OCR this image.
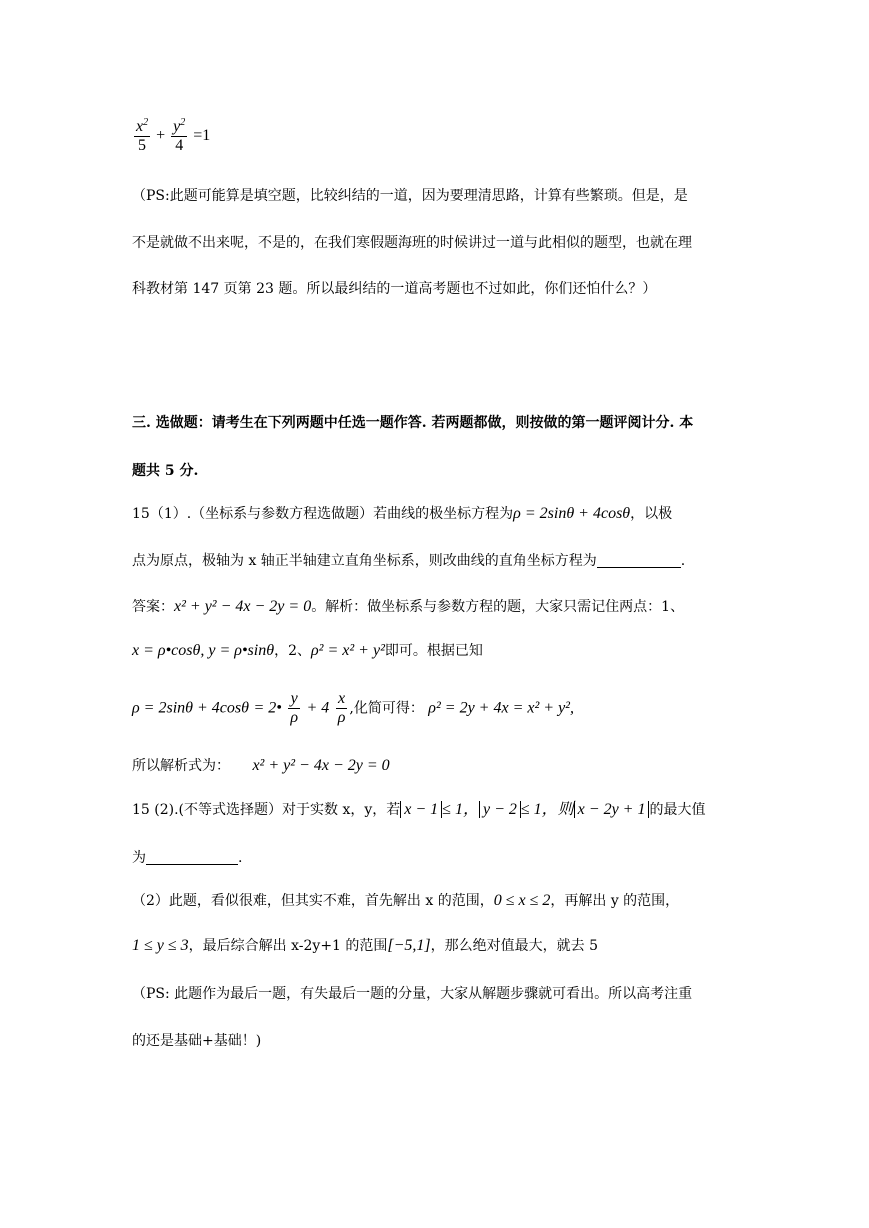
$\frac{x^2}{5} + \frac{y^2}{4} =1$
（PS:此题可能算是填空题，比较纠结的一道，因为要理清思路，计算有些繁琐。但是，是
不是就做不出来呢，不是的，在我们寒假题海班的时候讲过一道与此相似的题型，也就在理
科教材第 147 页第 23 题。所以最纠结的一道高考题也不过如此，你们还怕什么？）
三. 选做题：请考生在下列两题中任选一题作答. 若两题都做，则按做的第一题评阅计分. 本
题共 5 分.
15（1）.（坐标系与参数方程选做题）若曲线的极坐标方程为ρ = 2sinθ + 4cosθ，以极
点为原点，极轴为 x 轴正半轴建立直角坐标系，则改曲线的直角坐标方程为	.
答案：x² + y² − 4x − 2y = 0。解析：做坐标系与参数方程的题，大家只需记住两点：1、
x = ρ•cosθ, y = ρ•sinθ，2、ρ² = x² + y²即可。根据已知
ρ = 2sinθ + 4cosθ = 2• $\frac{y}{\rho} + 4 \frac{x}{\rho}$ ,化简可得： ρ² = 2y + 4x = x² + y²,
所以解析式为： x² + y² − 4x − 2y = 0
15 (2).(不等式选择题）对于实数 x，y，若 x − 1 ≤ 1， y − 2 ≤ 1，则 x − 2y + 1 的最大值
为	.
（2）此题，看似很难，但其实不难，首先解出 x 的范围，0 ≤ x ≤ 2，再解出 y 的范围，
1 ≤ y ≤ 3，最后综合解出 x-2y+1 的范围[−5,1]，那么绝对值最大，就去 5
（PS: 此题作为最后一题，有失最后一题的分量，大家从解题步骤就可看出。所以高考注重
的还是基础+基础！)
